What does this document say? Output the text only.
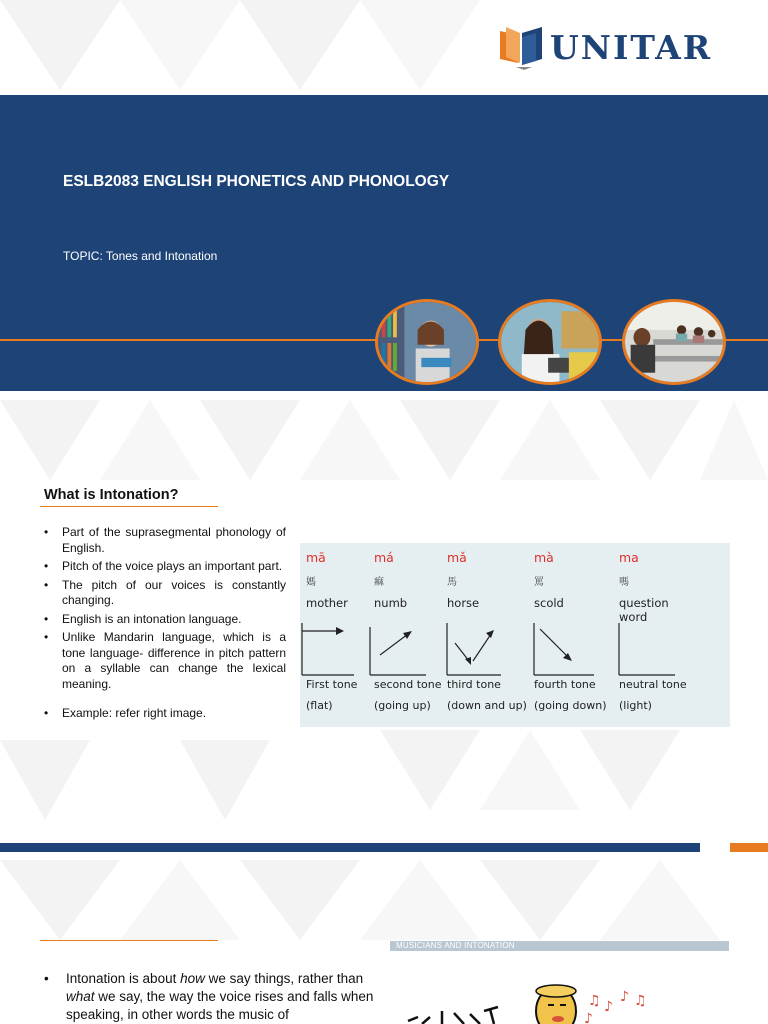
UNITAR
ESLB2083 ENGLISH PHONETICS AND PHONOLOGY
TOPIC: Tones and Intonation
What is Intonation?
• Part of the suprasegmental phonology of English.
• Pitch of the voice plays an important part.
• The pitch of our voices is constantly changing.
• English is an intonation language.
• Unlike Mandarin language, which is a tone language- difference in pitch pattern on a syllable can change the lexical meaning.
• Example: refer right image.
mā
媽
mother
First tone
(flat)
má
痲
numb
second tone
(going up)
mǎ
馬
horse
third tone
(down and up)
mà
罵
scold
fourth tone
(going down)
ma
嗎
question word
neutral tone
(light)
• Intonation is about how we say things, rather than what we say, the way the voice rises and falls when speaking, in other words the music of
MUSICIANS AND INTONATION
♫ ♪
♪ ♫
♪
